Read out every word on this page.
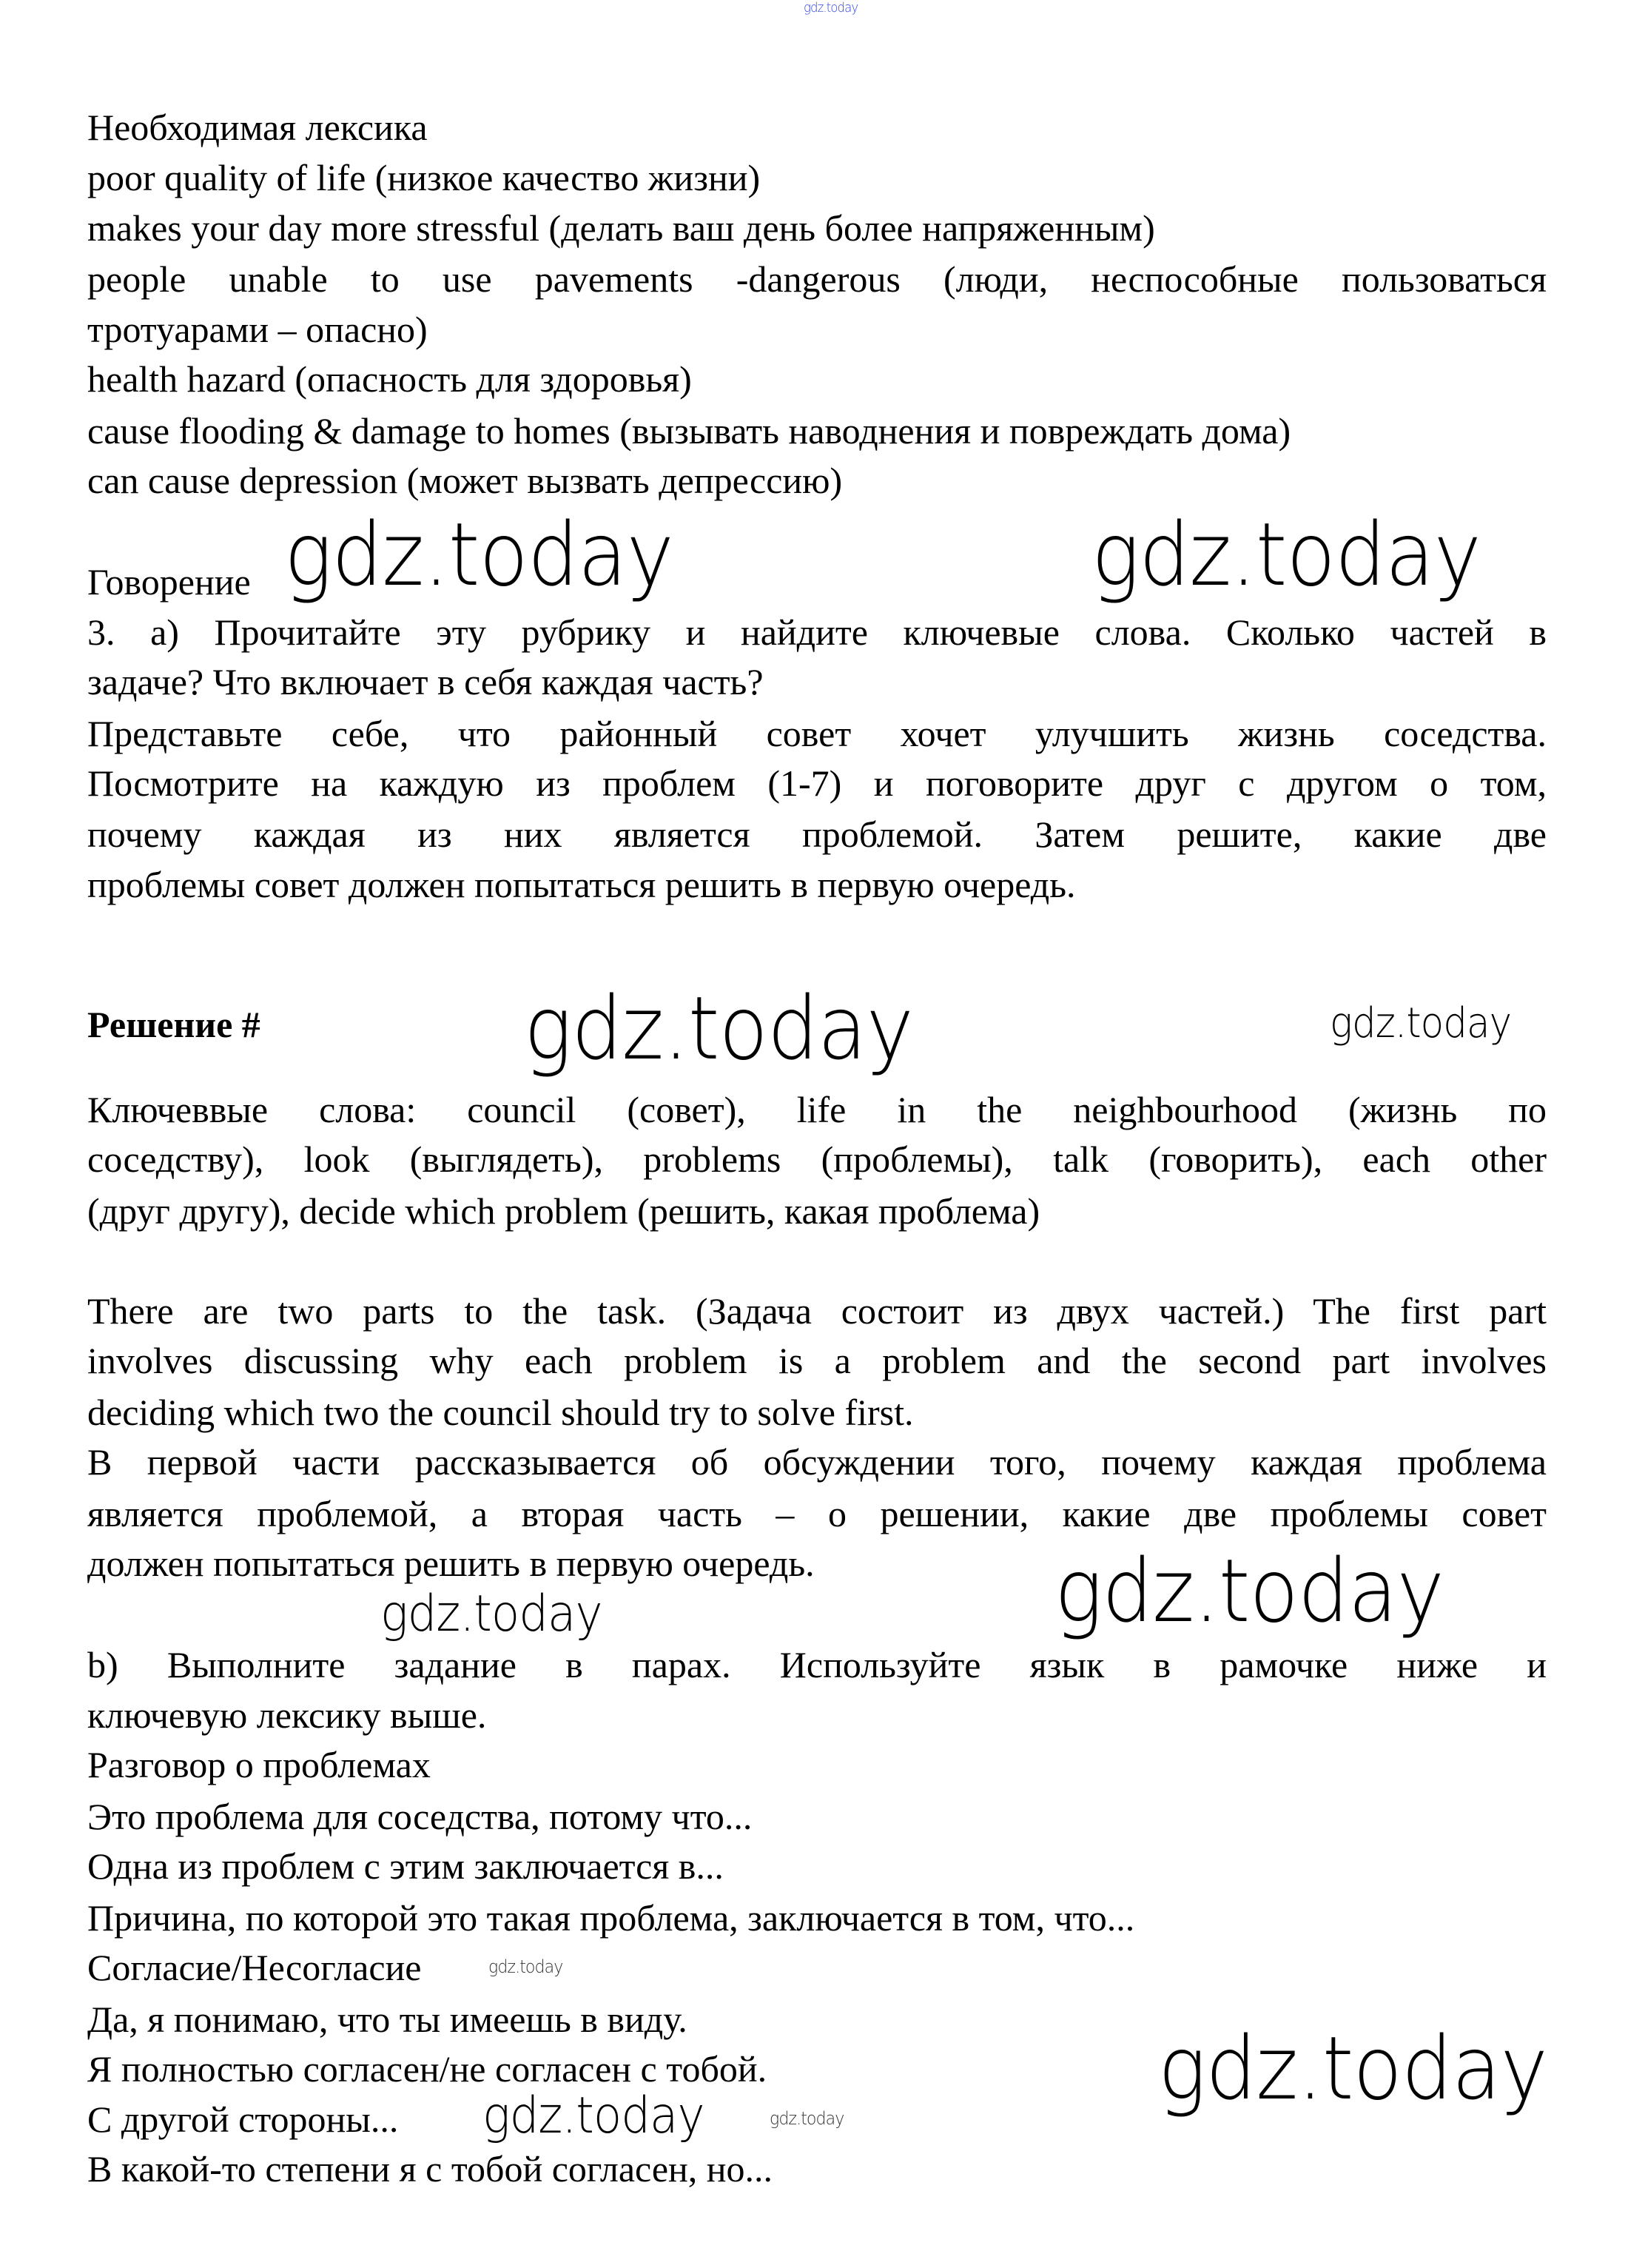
Необходимая лексика
poor quality of life (низкое качество жизни)
makes your day more stressful (делать ваш день более напряженным)
people unable to use pavements -dangerous (люди, неспособные пользоваться
тротуарами – опасно)
health hazard (опасность для здоровья)
cause flooding & damage to homes (вызывать наводнения и повреждать дома)
can cause depression (может вызвать депрессию)
Говорение
3. a) Прочитайте эту рубрику и найдите ключевые слова. Сколько частей в
задаче? Что включает в себя каждая часть?
Представьте себе, что районный совет хочет улучшить жизнь соседства.
Посмотрите на каждую из проблем (1-7) и поговорите друг с другом о том,
почему каждая из них является проблемой. Затем решите, какие две
проблемы совет должен попытаться решить в первую очередь.
Решение #
Ключеввые слова: council (совет), life in the neighbourhood (жизнь по
соседству), look (выглядеть), problems (проблемы), talk (говорить), each other
(друг другу), decide which problem (решить, какая проблема)
There are two parts to the task. (Задача состоит из двух частей.) The first part
involves discussing why each problem is a problem and the second part involves
deciding which two the council should try to solve first.
В первой части рассказывается об обсуждении того, почему каждая проблема
является проблемой, а вторая часть – о решении, какие две проблемы совет
должен попытаться решить в первую очередь.
b) Выполните задание в парах. Используйте язык в рамочке ниже и
ключевую лексику выше.
Разговор о проблемах
Это проблема для соседства, потому что...
Одна из проблем с этим заключается в...
Причина, по которой это такая проблема, заключается в том, что...
Согласие/Несогласие
Да, я понимаю, что ты имеешь в виду.
Я полностью согласен/не согласен с тобой.
С другой стороны...
В какой-то степени я с тобой согласен, но...
gdz.today
gdz.today	gdz.today
gdz.today	gdz.today
gdz.today
gdz.today
gdz.today
gdz.today
gdz.today	gdz.today
